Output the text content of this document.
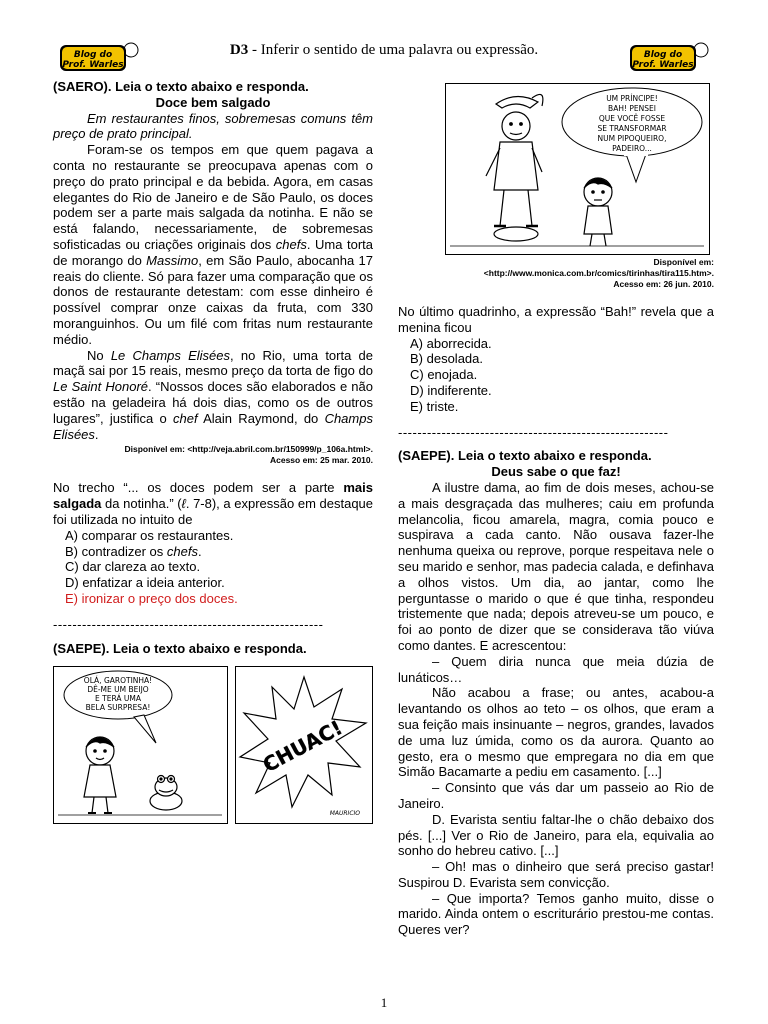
Blog do
Prof. Warles
Blog do
Prof. Warles
D3 - Inferir o sentido de uma palavra ou expressão.
(SAERO). Leia o texto abaixo e responda.
Doce bem salgado

Em restaurantes finos, sobremesas comuns têm preço de prato principal.

Foram-se os tempos em que quem pagava a conta no restaurante se preocupava apenas com o preço do prato principal e da bebida. Agora, em casas elegantes do Rio de Janeiro e de São Paulo, os doces podem ser a parte mais salgada da notinha. E não se está falando, necessariamente, de sobremesas sofisticadas ou criações originais dos chefs. Uma torta de morango do Massimo, em São Paulo, abocanha 17 reais do cliente. Só para fazer uma comparação que os donos de restaurante detestam: com esse dinheiro é possível comprar onze caixas da fruta, com 330 moranguinhos. Ou um filé com fritas num restaurante médio.

No Le Champs Elisées, no Rio, uma torta de maçã sai por 15 reais, mesmo preço da torta de figo do Le Saint Honoré. “Nossos doces são elaborados e não estão na geladeira há dois dias, como os de outros lugares”, justifica o chef Alain Raymond, do Champs Elisées.

Disponível em: <http://veja.abril.com.br/150999/p_106a.html>.
Acesso em: 25 mar. 2010.

No trecho “... os doces podem ser a parte mais salgada da notinha.” (ℓ. 7-8), a expressão em destaque foi utilizada no intuito de

A) comparar os restaurantes.
B) contradizer os chefs.
C) dar clareza ao texto.
D) enfatizar a ideia anterior.
E) ironizar o preço dos doces.
--------------------------------------------------------
(SAEPE). Leia o texto abaixo e responda.
OLÁ, GAROTINHA!
DÊ-ME UM BEIJO
E TERÁ UMA
BELA SURPRESA!
CHUAC!
MAURICIO
UM PRÍNCIPE!
BAH! PENSEI
QUE VOCÊ FOSSE
SE TRANSFORMAR
NUM PIPOQUEIRO,
PADEIRO...
Disponível em:
<http://www.monica.com.br/comics/tirinhas/tira115.htm>.
Acesso em: 26 jun. 2010.

No último quadrinho, a expressão “Bah!” revela que a menina ficou

A) aborrecida.
B) desolada.
C) enojada.
D) indiferente.
E) triste.
--------------------------------------------------------
(SAEPE). Leia o texto abaixo e responda.
Deus sabe o que faz!

A ilustre dama, ao fim de dois meses, achou-se a mais desgraçada das mulheres; caiu em profunda melancolia, ficou amarela, magra, comia pouco e suspirava a cada canto. Não ousava fazer-lhe nenhuma queixa ou reprove, porque respeitava nele o seu marido e senhor, mas padecia calada, e definhava a olhos vistos. Um dia, ao jantar, como lhe perguntasse o marido o que é que tinha, respondeu tristemente que nada; depois atreveu-se um pouco, e foi ao ponto de dizer que se considerava tão viúva como dantes. E acrescentou:

– Quem diria nunca que meia dúzia de lunáticos…

Não acabou a frase; ou antes, acabou-a levantando os olhos ao teto – os olhos, que eram a sua feição mais insinuante – negros, grandes, lavados de uma luz úmida, como os da aurora. Quanto ao gesto, era o mesmo que empregara no dia em que Simão Bacamarte a pediu em casamento. [...]

– Consinto que vás dar um passeio ao Rio de Janeiro.

D. Evarista sentiu faltar-lhe o chão debaixo dos pés. [...] Ver o Rio de Janeiro, para ela, equivalia ao sonho do hebreu cativo. [...]

– Oh! mas o dinheiro que será preciso gastar! Suspirou D. Evarista sem convicção.

– Que importa? Temos ganho muito, disse o marido. Ainda ontem o escriturário prestou-me contas. Queres ver?

1
